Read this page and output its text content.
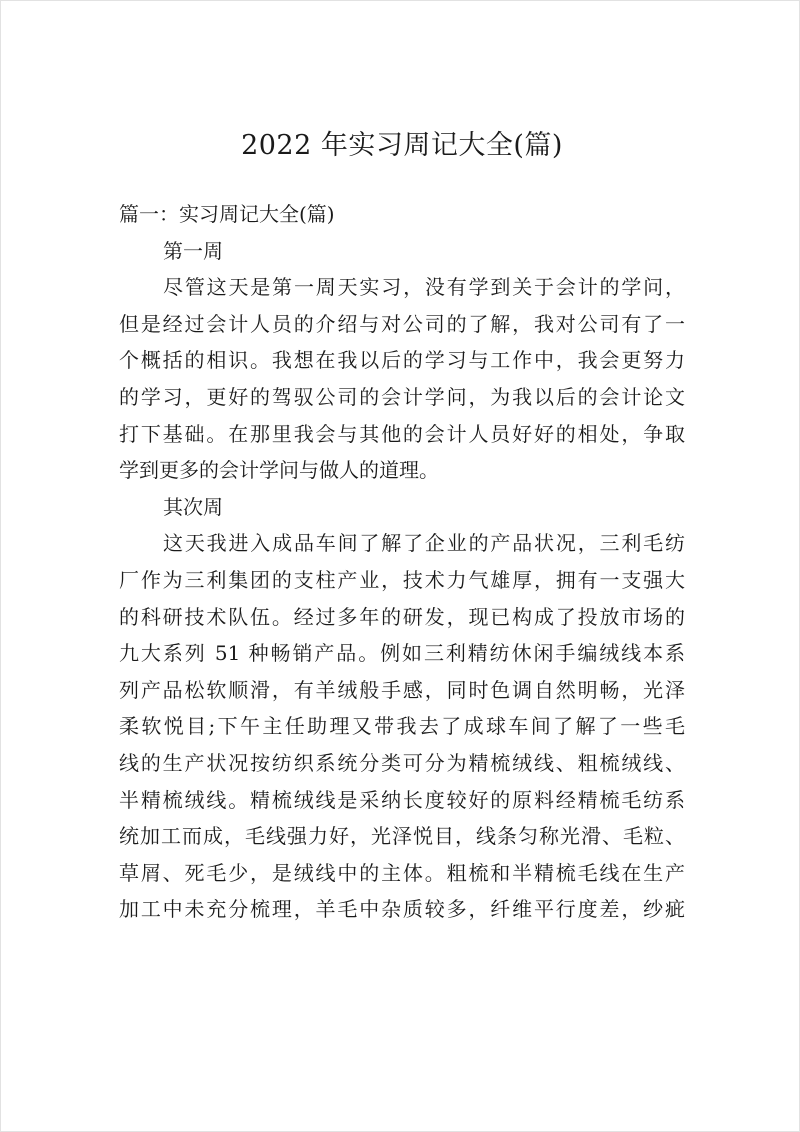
2022 年实习周记大全(篇)
篇一：实习周记大全(篇)
第一周
尽管这天是第一周天实习，没有学到关于会计的学问，
但是经过会计人员的介绍与对公司的了解，我对公司有了一
个概括的相识。我想在我以后的学习与工作中，我会更努力
的学习，更好的驾驭公司的会计学问，为我以后的会计论文
打下基础。在那里我会与其他的会计人员好好的相处，争取
学到更多的会计学问与做人的道理。
其次周
这天我进入成品车间了解了企业的产品状况，三利毛纺
厂作为三利集团的支柱产业，技术力气雄厚，拥有一支强大
的科研技术队伍。经过多年的研发，现已构成了投放市场的
九大系列 51 种畅销产品。例如三利精纺休闲手编绒线本系
列产品松软顺滑，有羊绒般手感，同时色调自然明畅，光泽
柔软悦目;下午主任助理又带我去了成球车间了解了一些毛
线的生产状况按纺织系统分类可分为精梳绒线、粗梳绒线、
半精梳绒线。精梳绒线是采纳长度较好的原料经精梳毛纺系
统加工而成，毛线强力好，光泽悦目，线条匀称光滑、毛粒、
草屑、死毛少，是绒线中的主体。粗梳和半精梳毛线在生产
加工中未充分梳理，羊毛中杂质较多，纤维平行度差，纱疵
